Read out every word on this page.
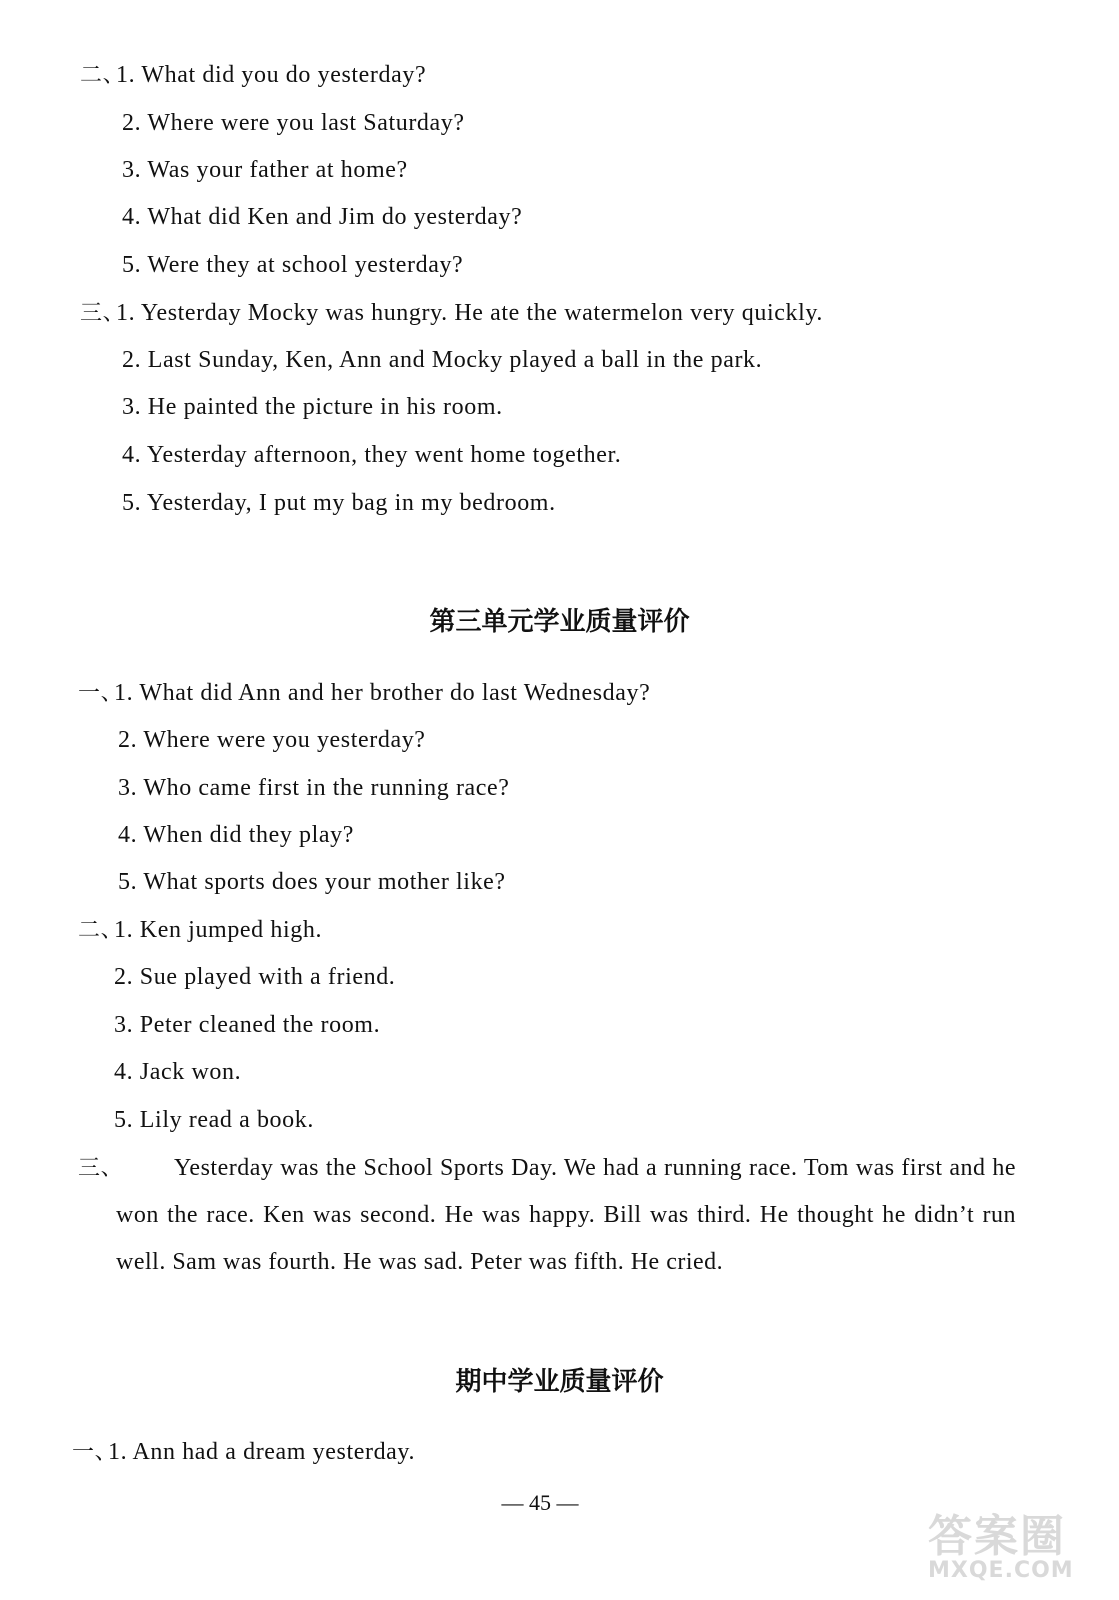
二、1. What did you do yesterday?
2. Where were you last Saturday?
3. Was your father at home?
4. What did Ken and Jim do yesterday?
5. Were they at school yesterday?
三、1. Yesterday Mocky was hungry. He ate the watermelon very quickly.
2. Last Sunday, Ken, Ann and Mocky played a ball in the park.
3. He painted the picture in his room.
4. Yesterday afternoon, they went home together.
5. Yesterday, I put my bag in my bedroom.
第三单元学业质量评价
一、1. What did Ann and her brother do last Wednesday?
2. Where were you yesterday?
3. Who came first in the running race?
4. When did they play?
5. What sports does your mother like?
二、1. Ken jumped high.
2. Sue played with a friend.
3. Peter cleaned the room.
4. Jack won.
5. Lily read a book.
三、	Yesterday was the School Sports Day. We had a running race. Tom was first and he won the race. Ken was second. He was happy. Bill was third. He thought he didn’t run well. Sam was fourth. He was sad. Peter was fifth. He cried.
期中学业质量评价
一、1. Ann had a dream yesterday.
— 45 —
答案圈
MXQE.COM
